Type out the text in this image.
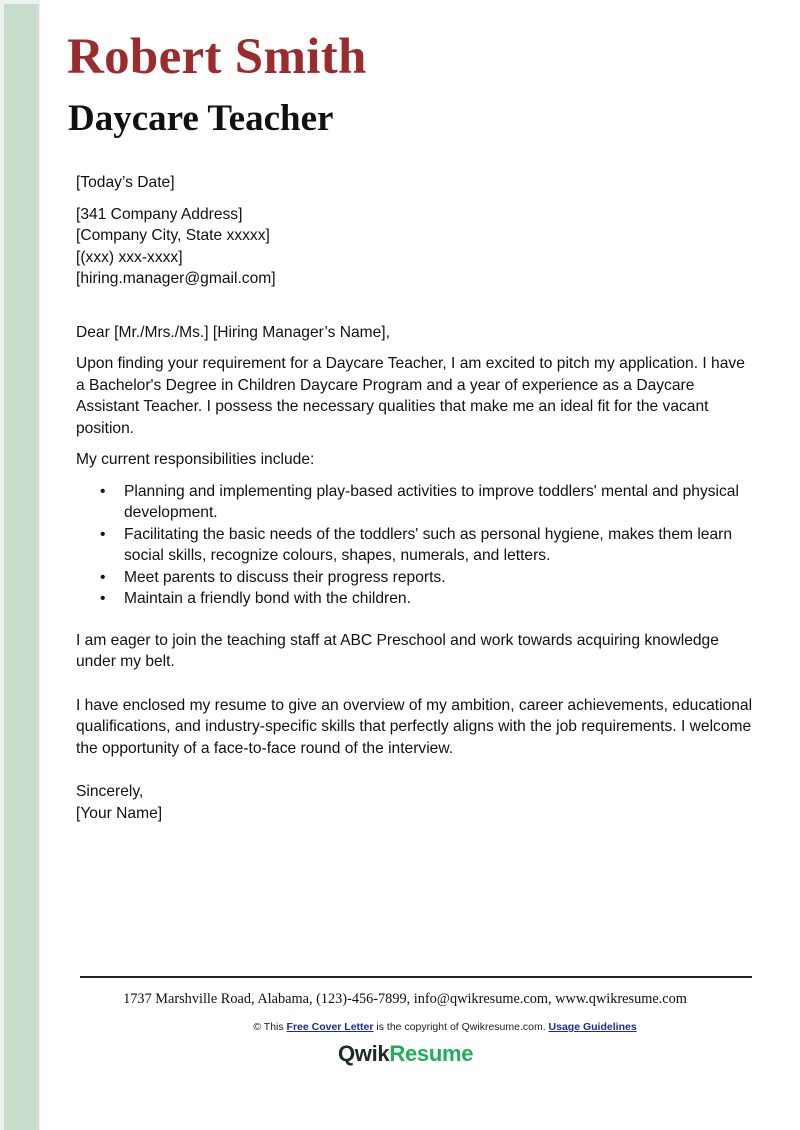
Robert Smith
Daycare Teacher

[Today’s Date]

[341 Company Address]

[Company City, State xxxxx]

[(xxx) xxx-xxxx]

[hiring.manager@gmail.com]

Dear [Mr./Mrs./Ms.] [Hiring Manager’s Name],

Upon finding your requirement for a Daycare Teacher, I am excited to pitch my application. I have a Bachelor's Degree in Children Daycare Program and a year of experience as a Daycare Assistant Teacher. I possess the necessary qualities that make me an ideal fit for the vacant position.

My current responsibilities include:

• Planning and implementing play-based activities to improve toddlers' mental and physical development.
• Facilitating the basic needs of the toddlers' such as personal hygiene, makes them learn social skills, recognize colours, shapes, numerals, and letters.
• Meet parents to discuss their progress reports.
• Maintain a friendly bond with the children.

I am eager to join the teaching staff at ABC Preschool and work towards acquiring knowledge under my belt.

I have enclosed my resume to give an overview of my ambition, career achievements, educational qualifications, and industry-specific skills that perfectly aligns with the job requirements. I welcome the opportunity of a face-to-face round of the interview.

Sincerely,

[Your Name]

1737 Marshville Road, Alabama, (123)-456-7899, info@qwikresume.com, www.qwikresume.com
© This Free Cover Letter is the copyright of Qwikresume.com. Usage Guidelines
QwikResume
